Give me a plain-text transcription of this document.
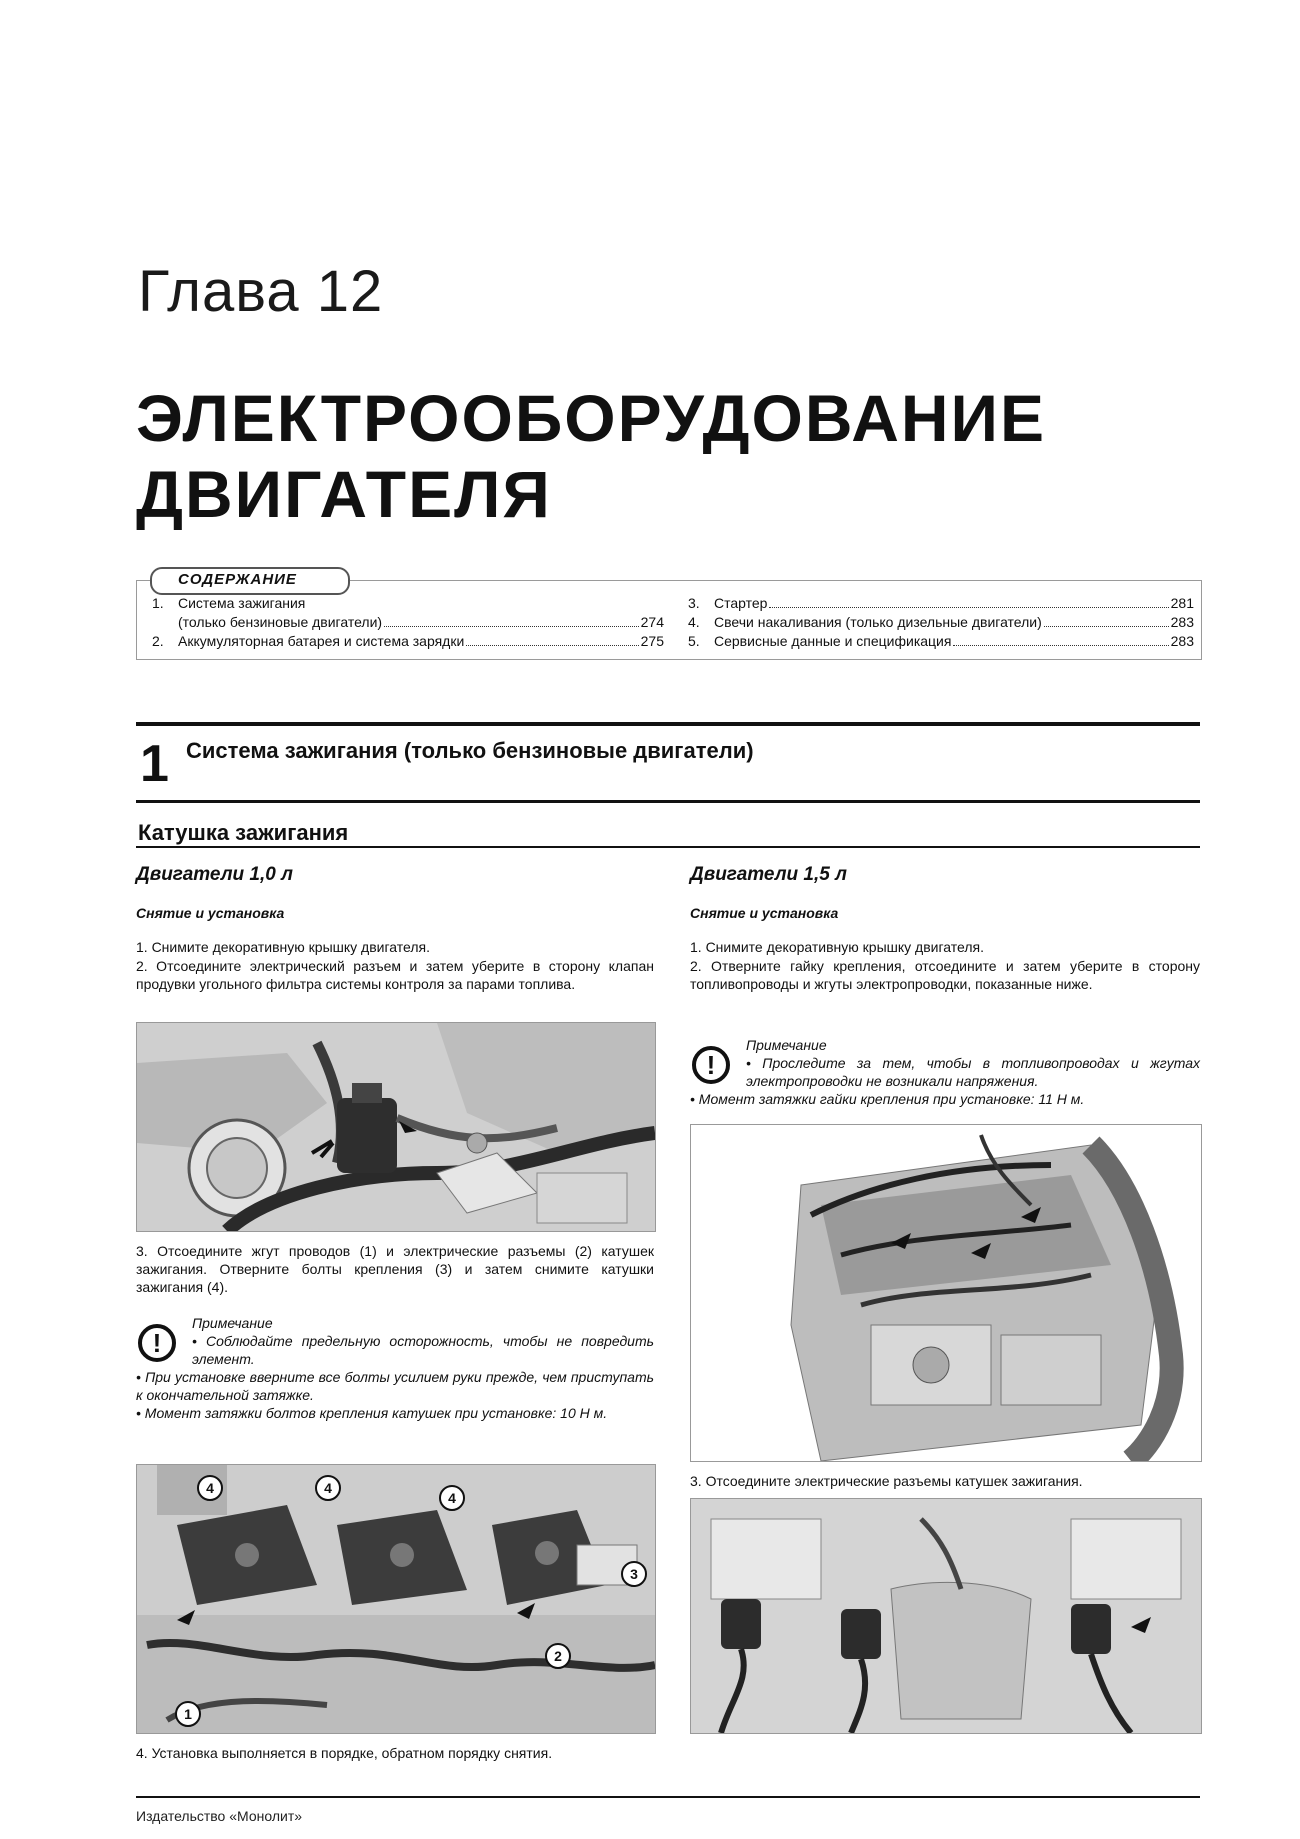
Глава 12
ЭЛЕКТРООБОРУДОВАНИЕ
ДВИГАТЕЛЯ
СОДЕРЖАНИЕ
1.	Система зажигания
(только бензиновые двигатели)	274
2.	Аккумуляторная батарея и система зарядки	275
3.	Стартер	281
4.	Свечи накаливания (только дизельные двигатели)	283
5.	Сервисные данные и спецификация	283
1 Система зажигания (только бензиновые двигатели)
Катушка зажигания
Двигатели 1,0 л
Снятие и установка
1. Снимите декоративную крышку двигателя.
2. Отсоедините электрический разъем и затем уберите в сторону клапан продувки угольного фильтра системы контроля за парами топлива.
3. Отсоедините жгут проводов (1) и электрические разъемы (2) катушек зажигания. Отверните болты крепления (3) и затем снимите катушки зажигания (4).
!
Примечание
• Соблюдайте предельную осторожность, чтобы не повредить элемент.
• При установке вверните все болты усилием руки прежде, чем приступать к окончательной затяжке.
• Момент затяжки болтов крепления катушек при установке: 10 Н м.
4	4
4
3
2
1
4. Установка выполняется в порядке, обратном порядку снятия.
Двигатели 1,5 л
Снятие и установка
1. Снимите декоративную крышку двигателя.
2. Отверните гайку крепления, отсоедините и затем уберите в сторону топливопроводы и жгуты электропроводки, показанные ниже.
!
Примечание
• Проследите за тем, чтобы в топливопроводах и жгутах электропроводки не возникали напряжения.
• Момент затяжки гайки крепления при установке: 11 Н м.
3. Отсоедините электрические разъемы катушек зажигания.
Издательство «Монолит»
